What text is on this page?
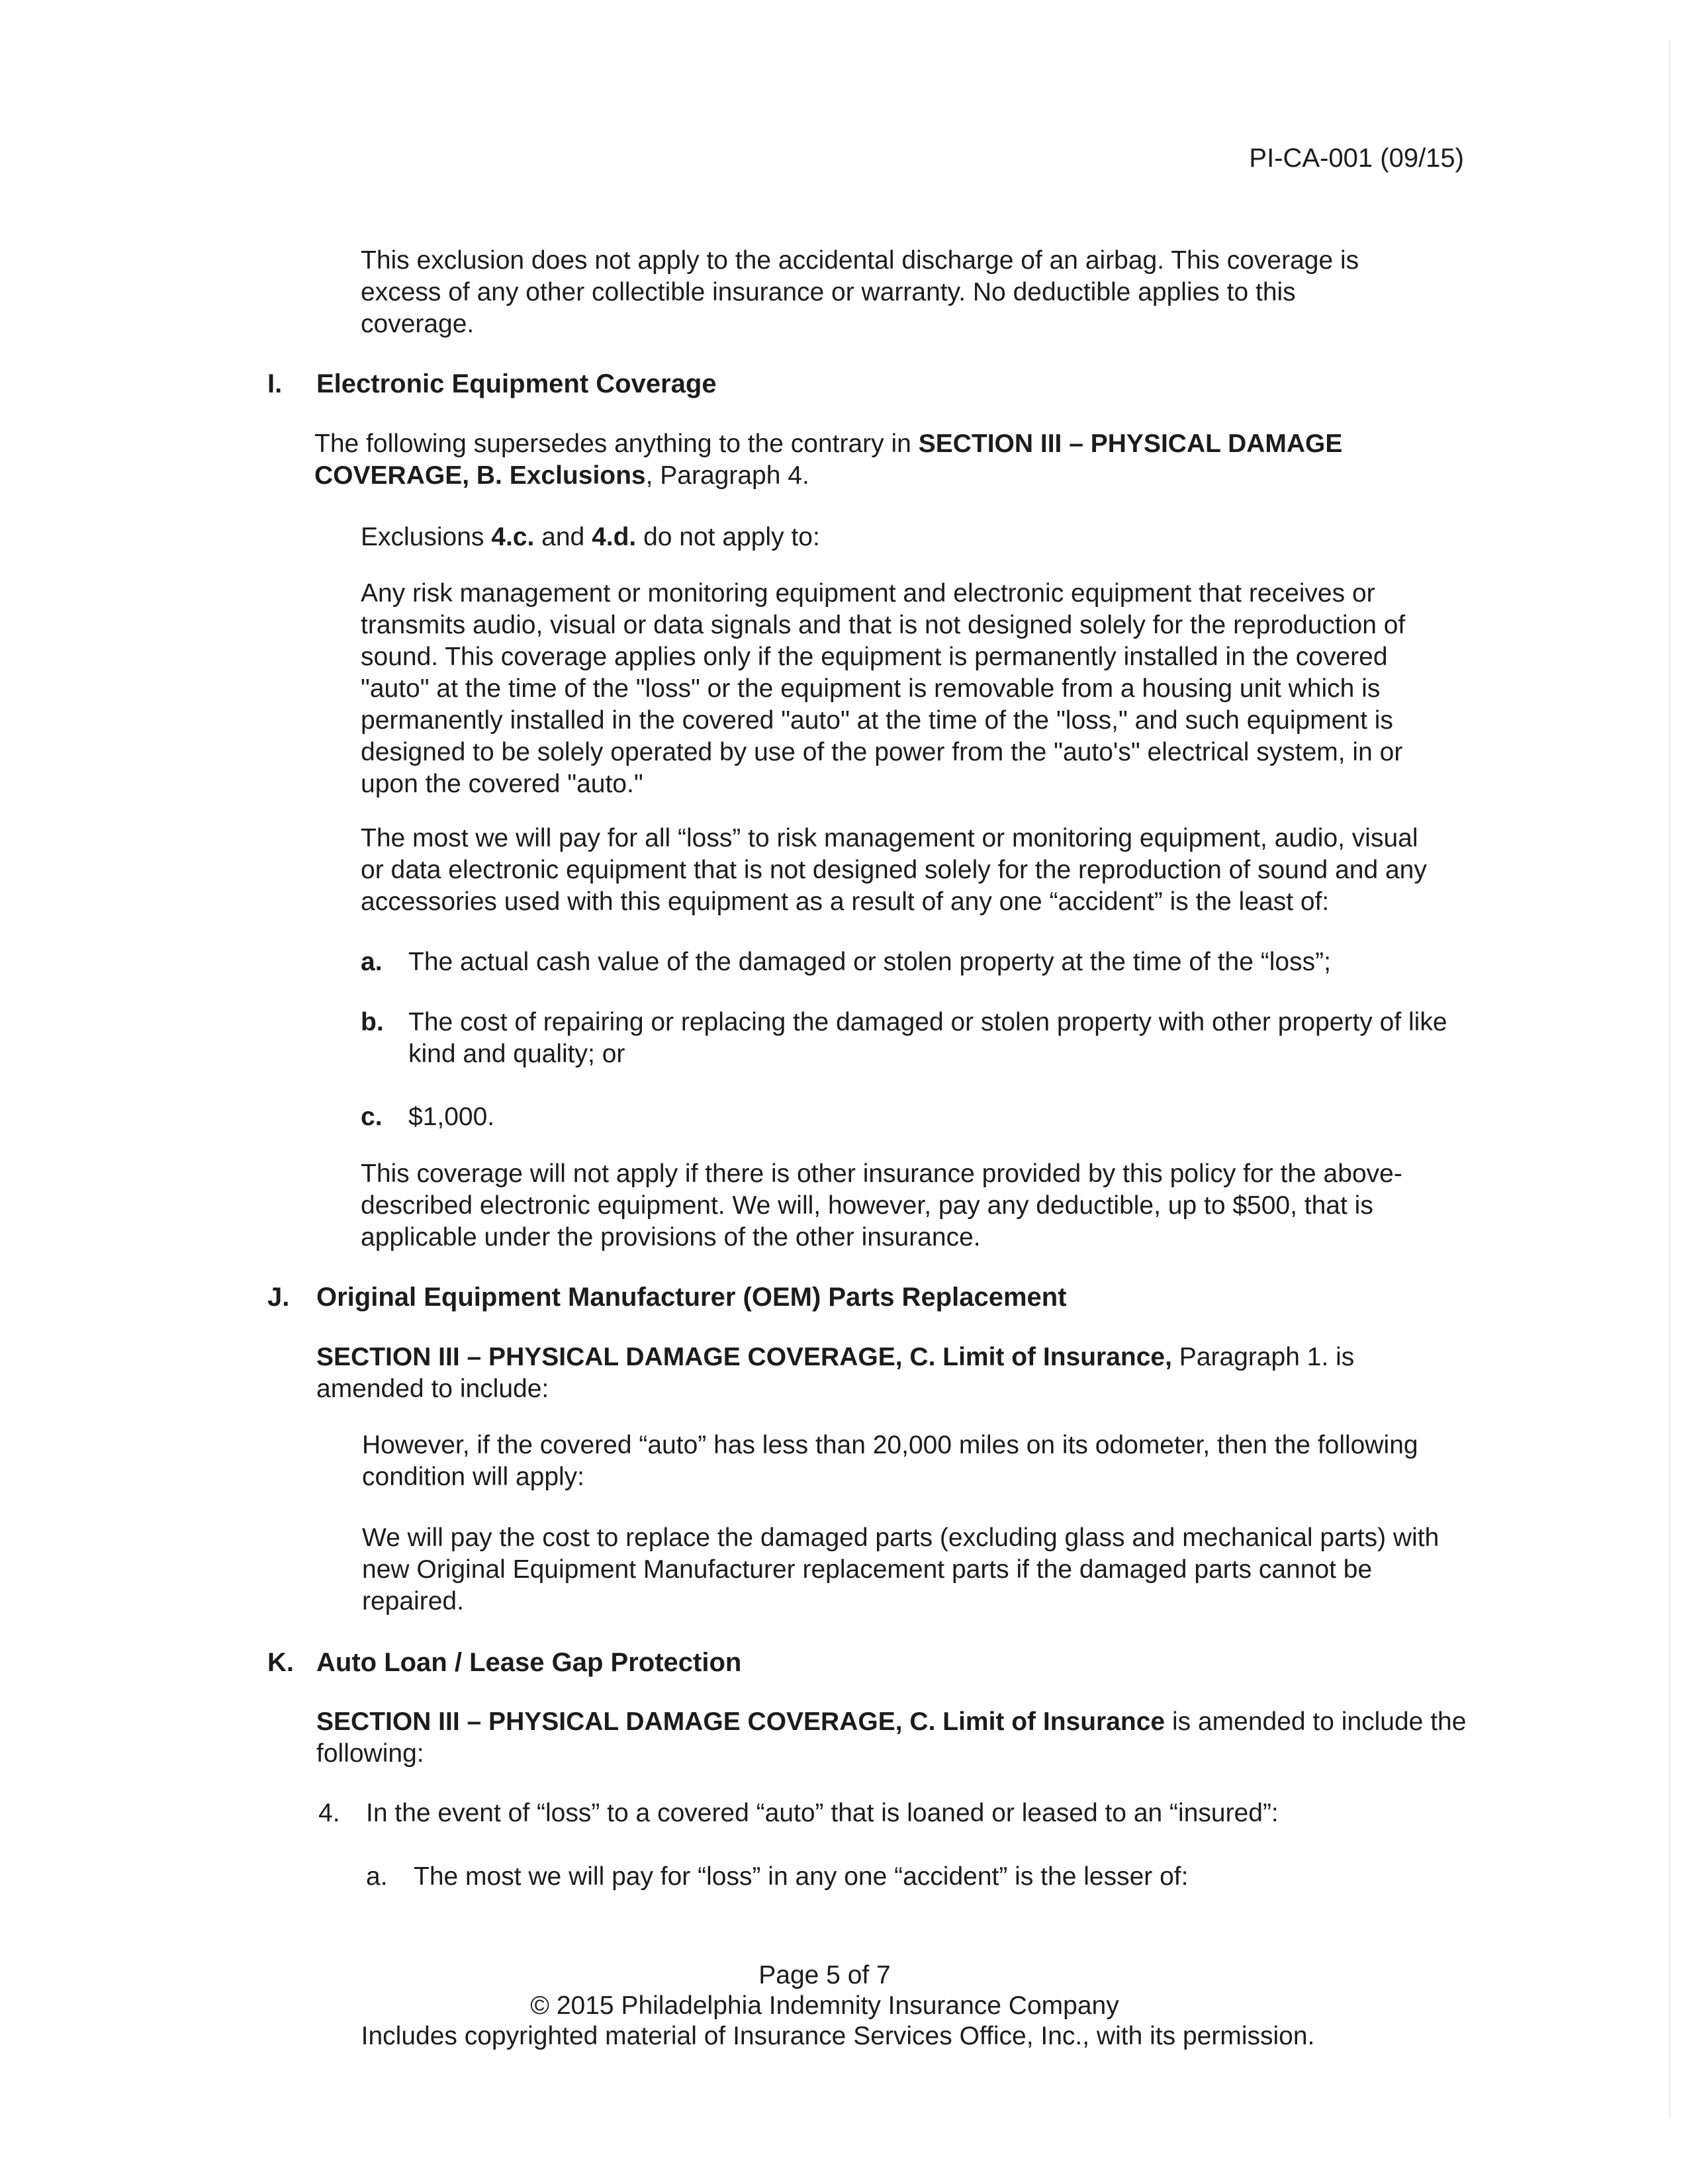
PI-CA-001 (09/15)

This exclusion does not apply to the accidental discharge of an airbag. This coverage is excess of any other collectible insurance or warranty. No deductible applies to this coverage.

I. Electronic Equipment Coverage

The following supersedes anything to the contrary in SECTION III – PHYSICAL DAMAGE COVERAGE, B. Exclusions, Paragraph 4.

Exclusions 4.c. and 4.d. do not apply to:

Any risk management or monitoring equipment and electronic equipment that receives or transmits audio, visual or data signals and that is not designed solely for the reproduction of sound. This coverage applies only if the equipment is permanently installed in the covered "auto" at the time of the "loss" or the equipment is removable from a housing unit which is permanently installed in the covered "auto" at the time of the "loss," and such equipment is designed to be solely operated by use of the power from the "auto's" electrical system, in or upon the covered "auto."

The most we will pay for all “loss” to risk management or monitoring equipment, audio, visual or data electronic equipment that is not designed solely for the reproduction of sound and any accessories used with this equipment as a result of any one “accident” is the least of:

a. The actual cash value of the damaged or stolen property at the time of the “loss”;

b. The cost of repairing or replacing the damaged or stolen property with other property of like kind and quality; or

c. $1,000.

This coverage will not apply if there is other insurance provided by this policy for the above-described electronic equipment. We will, however, pay any deductible, up to $500, that is applicable under the provisions of the other insurance.

J. Original Equipment Manufacturer (OEM) Parts Replacement

SECTION III – PHYSICAL DAMAGE COVERAGE, C. Limit of Insurance, Paragraph 1. is amended to include:

However, if the covered “auto” has less than 20,000 miles on its odometer, then the following condition will apply:

We will pay the cost to replace the damaged parts (excluding glass and mechanical parts) with new Original Equipment Manufacturer replacement parts if the damaged parts cannot be repaired.

K. Auto Loan / Lease Gap Protection

SECTION III – PHYSICAL DAMAGE COVERAGE, C. Limit of Insurance is amended to include the following:

4. In the event of “loss” to a covered “auto” that is loaned or leased to an “insured”:

a. The most we will pay for “loss” in any one “accident” is the lesser of:

Page 5 of 7
© 2015 Philadelphia Indemnity Insurance Company
Includes copyrighted material of Insurance Services Office, Inc., with its permission.
